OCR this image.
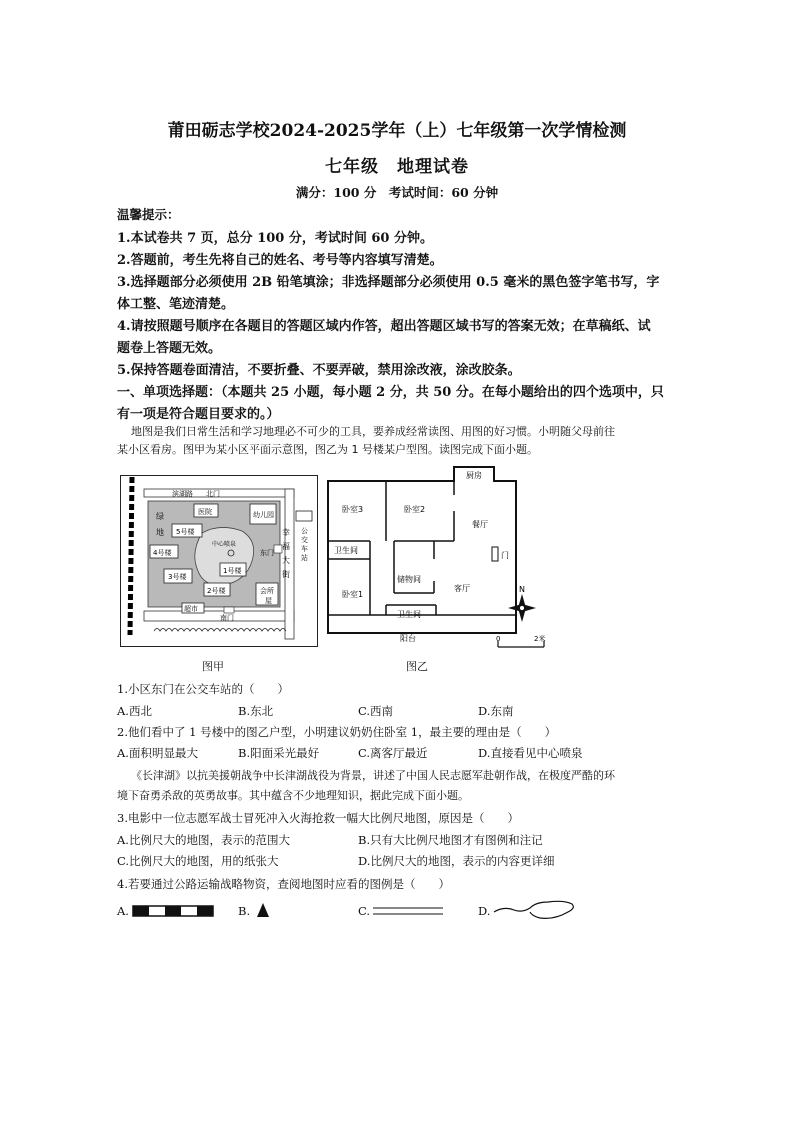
莆田砺志学校2024-2025学年（上）七年级第一次学情检测
七年级　地理试卷
满分：100 分　考试时间：60 分钟
温馨提示：
1.本试卷共 7 页，总分 100 分，考试时间 60 分钟。
2.答题前，考生先将自己的姓名、考号等内容填写清楚。
3.选择题部分必须使用 2B 铅笔填涂；非选择题部分必须使用 0.5 毫米的黑色签字笔书写，字
体工整、笔迹清楚。
4.请按照题号顺序在各题目的答题区域内作答，超出答题区域书写的答案无效；在草稿纸、试
题卷上答题无效。
5.保持答题卷面清洁，不要折叠、不要弄破，禁用涂改液，涂改胶条。
一、单项选择题：（本题共 25 小题，每小题 2 分，共 50 分。在每小题给出的四个选项中，只
有一项是符合题目要求的。）
地图是我们日常生活和学习地理必不可少的工具，要养成经常读图、用图的好习惯。小明随父母前往
某小区看房。图甲为某小区平面示意图，图乙为 1 号楼某户型图。读图完成下面小题。
滨湖路 北门
医院	幼儿园
绿
地 5号楼
4号楼
中心喷泉
3号楼
1号楼
2号楼
东门
会所
屋
超市
南门
幸
福
大
街
公
交
车
站
图甲
厨房
卧室3	卧室2
餐厅
卫生间
门
储物间
卧室1
客厅
卫生间
阳台
N
0	2米
图乙
1.小区东门在公交车站的（　　）
A.西北	B.东北	C.西南	D.东南
2.他们看中了 1 号楼中的图乙户型，小明建议奶奶住卧室 1，最主要的理由是（　　）
A.面积明显最大	B.阳面采光最好	C.离客厅最近	D.直接看见中心喷泉
《长津湖》以抗美援朝战争中长津湖战役为背景，讲述了中国人民志愿军赴朝作战，在极度严酷的环
境下奋勇杀敌的英勇故事。其中蕴含不少地理知识，据此完成下面小题。
3.电影中一位志愿军战士冒死冲入火海抢救一幅大比例尺地图，原因是（　　）
A.比例尺大的地图，表示的范围大	B.只有大比例尺地图才有图例和注记
C.比例尺大的地图，用的纸张大	D.比例尺大的地图，表示的内容更详细
4.若要通过公路运输战略物资，查阅地图时应看的图例是（　　）
A.	B.	C.	D.
